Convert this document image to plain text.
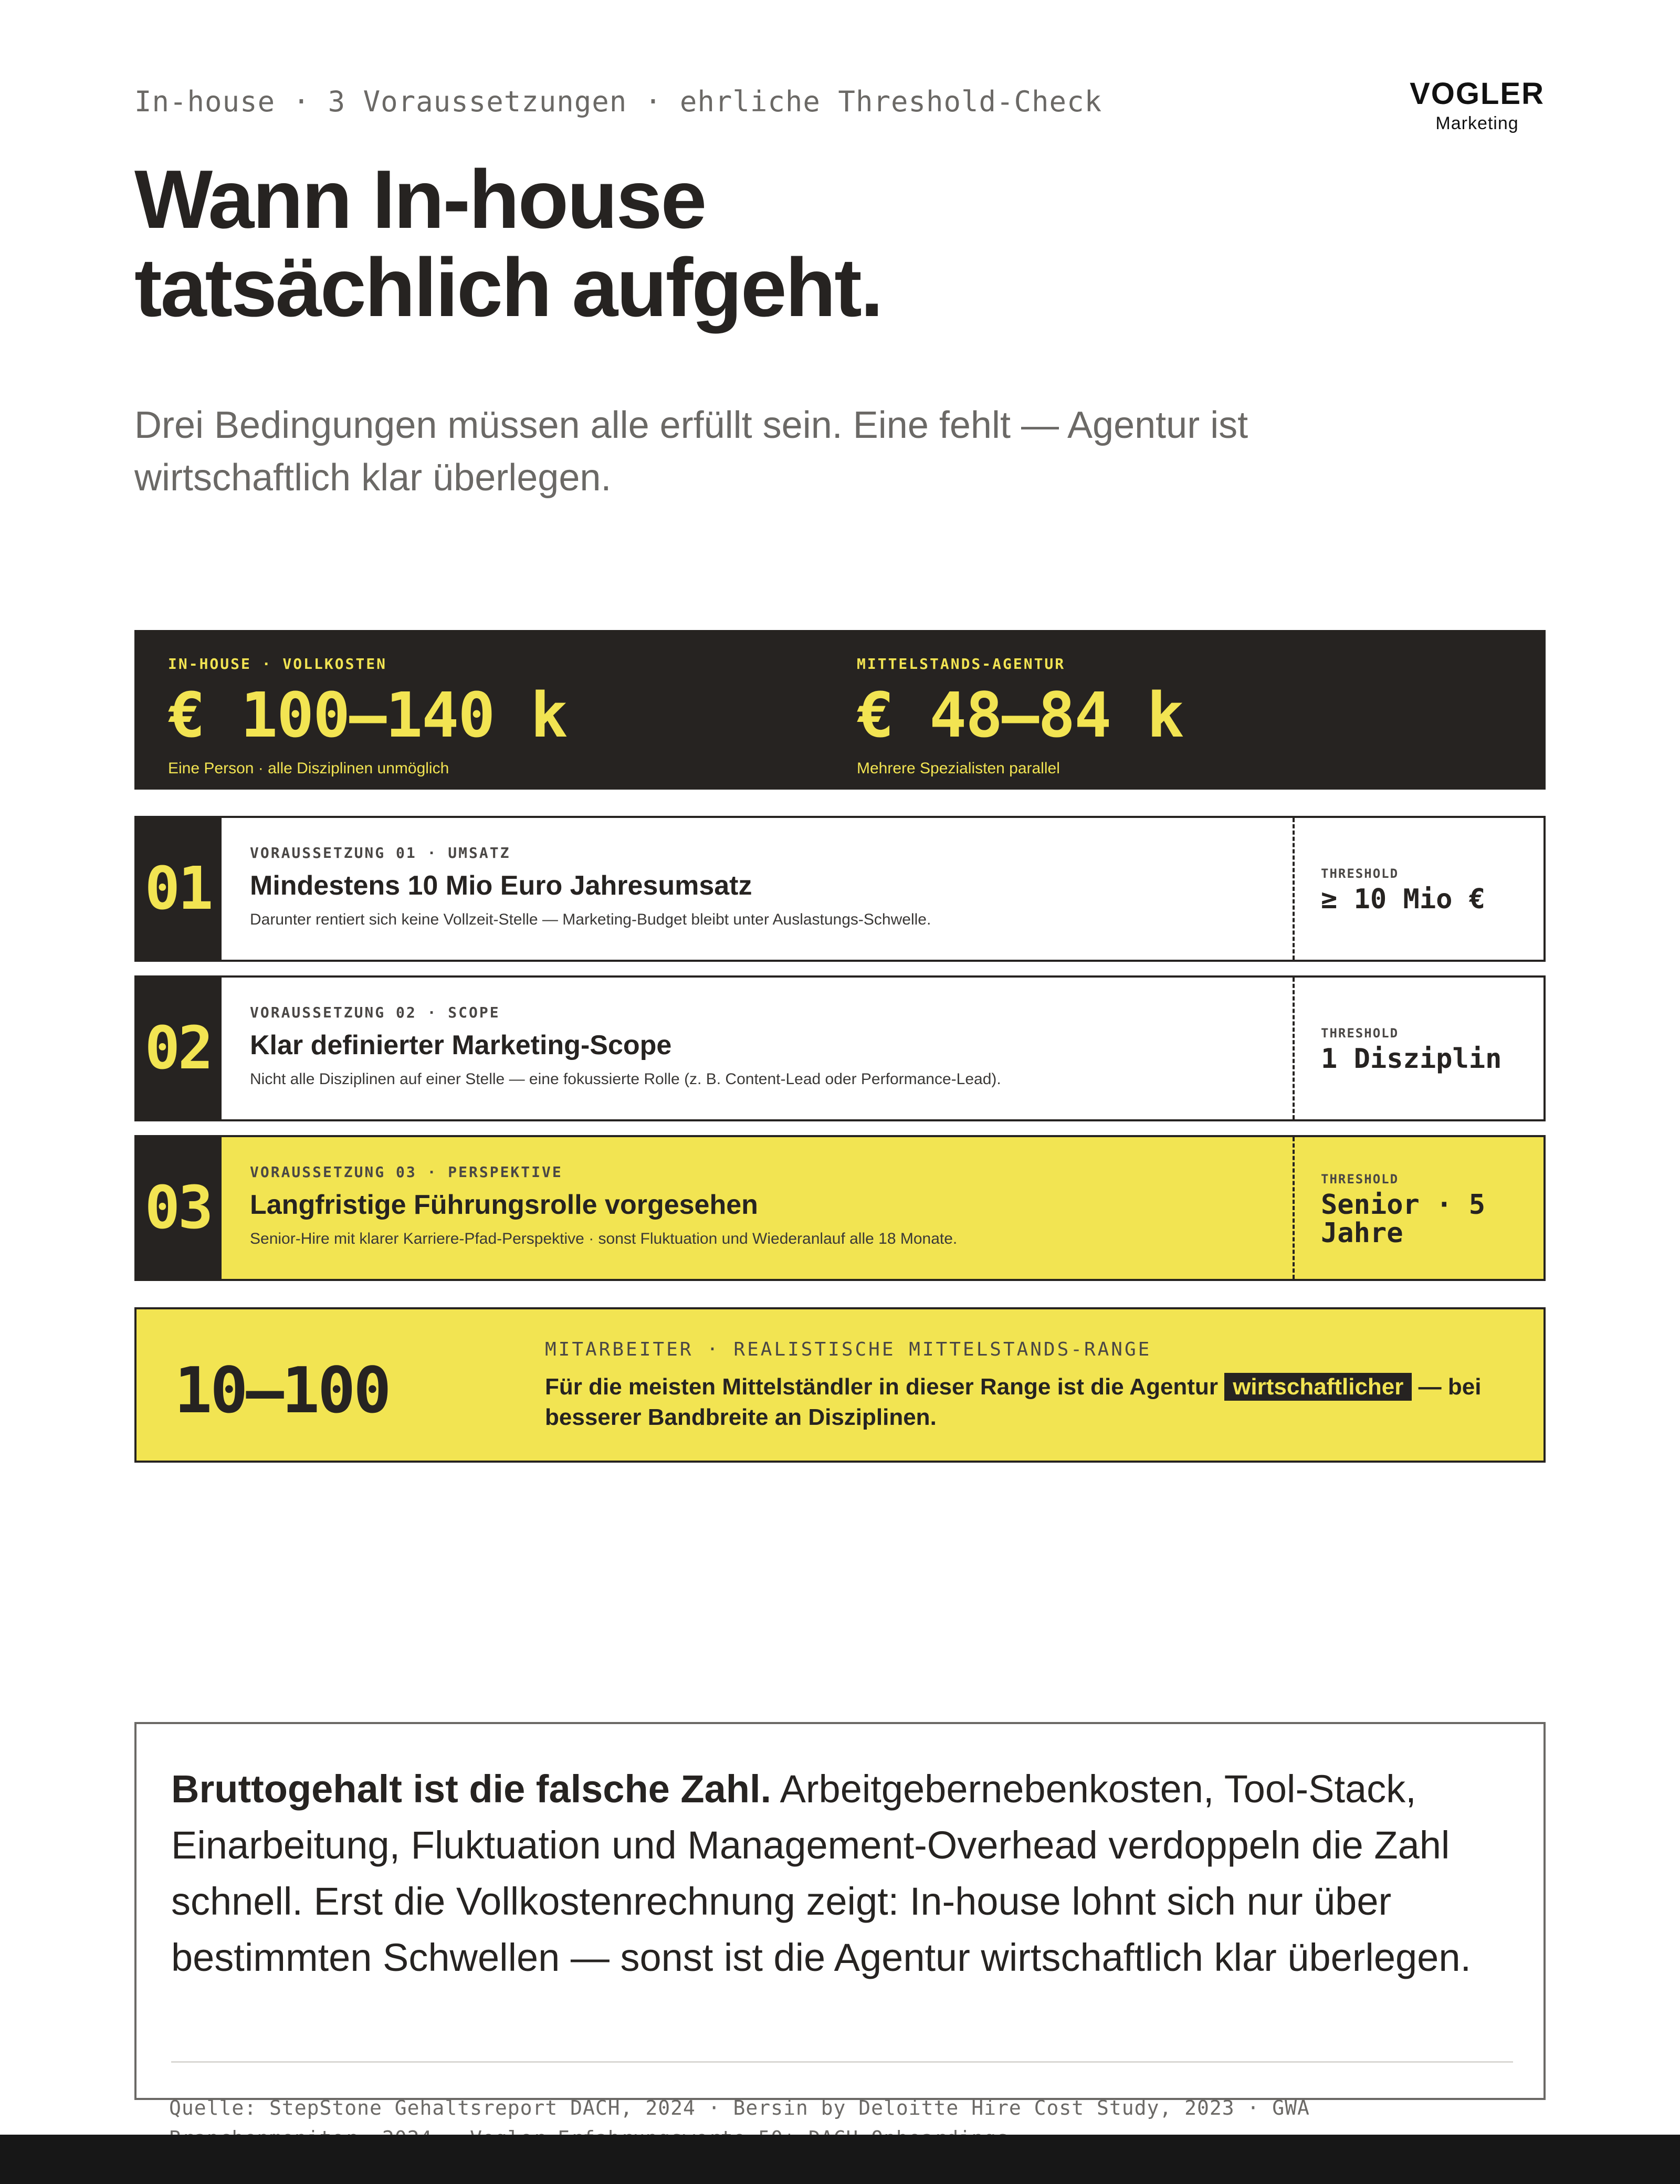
In-house · 3 Voraussetzungen · ehrliche Threshold-Check	VOGLER
Marketing
Wann In-house
tatsächlich aufgeht.
Drei Bedingungen müssen alle erfüllt sein. Eine fehlt — Agentur ist wirtschaftlich klar überlegen.
IN-HOUSE · VOLLKOSTEN
€ 100–140 k
Eine Person · alle Disziplinen unmöglich
MITTELSTANDS-AGENTUR
€ 48–84 k
Mehrere Spezialisten parallel
01
VORAUSSETZUNG 01 · UMSATZ
Mindestens 10 Mio Euro Jahresumsatz
Darunter rentiert sich keine Vollzeit-Stelle — Marketing-Budget bleibt unter Auslastungs-Schwelle.
THRESHOLD
≥ 10 Mio €
02
VORAUSSETZUNG 02 · SCOPE
Klar definierter Marketing-Scope
Nicht alle Disziplinen auf einer Stelle — eine fokussierte Rolle (z. B. Content-Lead oder Performance-Lead).
THRESHOLD
1 Disziplin
03
VORAUSSETZUNG 03 · PERSPEKTIVE
Langfristige Führungsrolle vorgesehen
Senior-Hire mit klarer Karriere-Pfad-Perspektive · sonst Fluktuation und Wiederanlauf alle 18 Monate.
THRESHOLD
Senior · 5 Jahre
10–100
MITARBEITER · REALISTISCHE MITTELSTANDS-RANGE
Für die meisten Mittelständler in dieser Range ist die Agentur wirtschaftlicher — bei besserer Bandbreite an Disziplinen.
Bruttogehalt ist die falsche Zahl. Arbeitgebernebenkosten, Tool-Stack, Einarbeitung, Fluktuation und Management-Overhead verdoppeln die Zahl schnell. Erst die Vollkostenrechnung zeigt: In-house lohnt sich nur über bestimmten Schwellen — sonst ist die Agentur wirtschaftlich klar überlegen.
Quelle: StepStone Gehaltsreport DACH, 2024 · Bersin by Deloitte Hire Cost Study, 2023 · GWA
